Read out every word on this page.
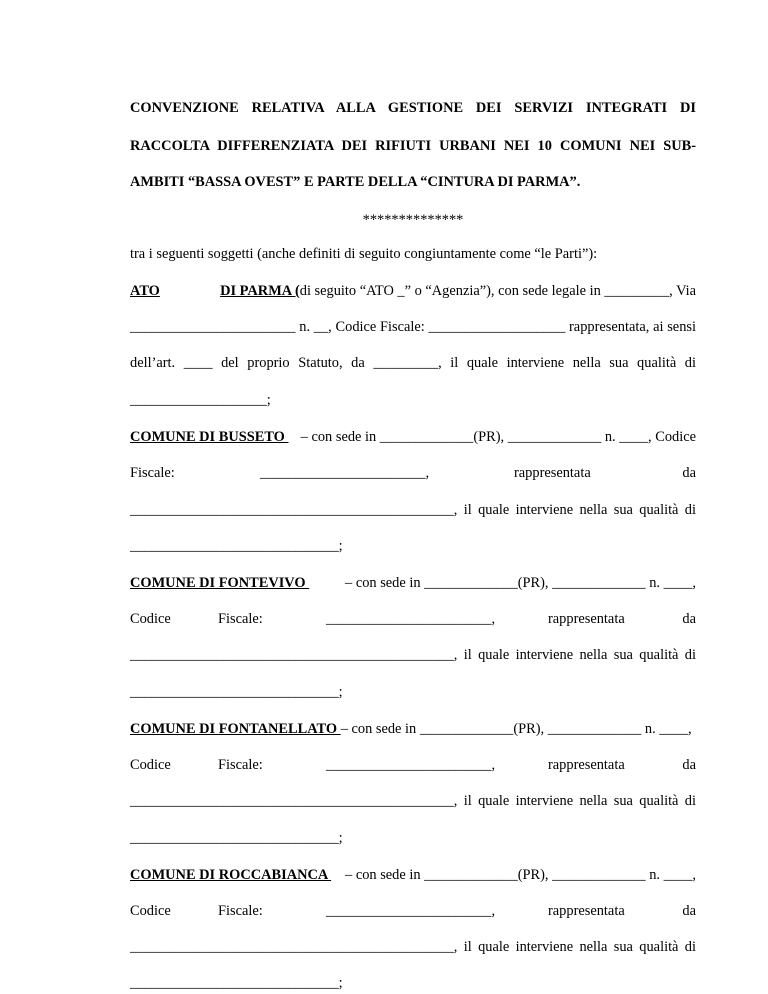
CONVENZIONE RELATIVA ALLA GESTIONE DEI SERVIZI INTEGRATI DI
RACCOLTA DIFFERENZIATA DEI RIFIUTI URBANI NEI 10 COMUNI NEI SUB-
AMBITI “BASSA OVEST” E PARTE DELLA “CINTURA DI PARMA”.
**************
tra i seguenti soggetti (anche definiti di seguito congiuntamente come “le Parti”):
ATO	DI PARMA (di seguito “ATO _” o “Agenzia”), con sede legale in _________, Via
_______________________ n. __, Codice Fiscale: ___________________ rappresentata, ai sensi
dell’art. ____ del proprio Statuto, da _________, il quale interviene nella sua qualità di
___________________;
COMUNE DI BUSSETO – con sede in _____________(PR), _____________ n. ____, Codice
Fiscale:	_______________________,	rappresentata	da
_____________________________________________, il quale interviene nella sua qualità di
_____________________________;
COMUNE DI FONTEVIVO – con sede in _____________(PR), _____________ n. ____,
Codice	Fiscale:	_______________________,	rappresentata	da
_____________________________________________, il quale interviene nella sua qualità di
_____________________________;
COMUNE DI FONTANELLATO – con sede in _____________(PR), _____________ n. ____,
Codice	Fiscale:	_______________________,	rappresentata	da
_____________________________________________, il quale interviene nella sua qualità di
_____________________________;
COMUNE DI ROCCABIANCA – con sede in _____________(PR), _____________ n. ____,
Codice	Fiscale:	_______________________,	rappresentata	da
_____________________________________________, il quale interviene nella sua qualità di
_____________________________;
